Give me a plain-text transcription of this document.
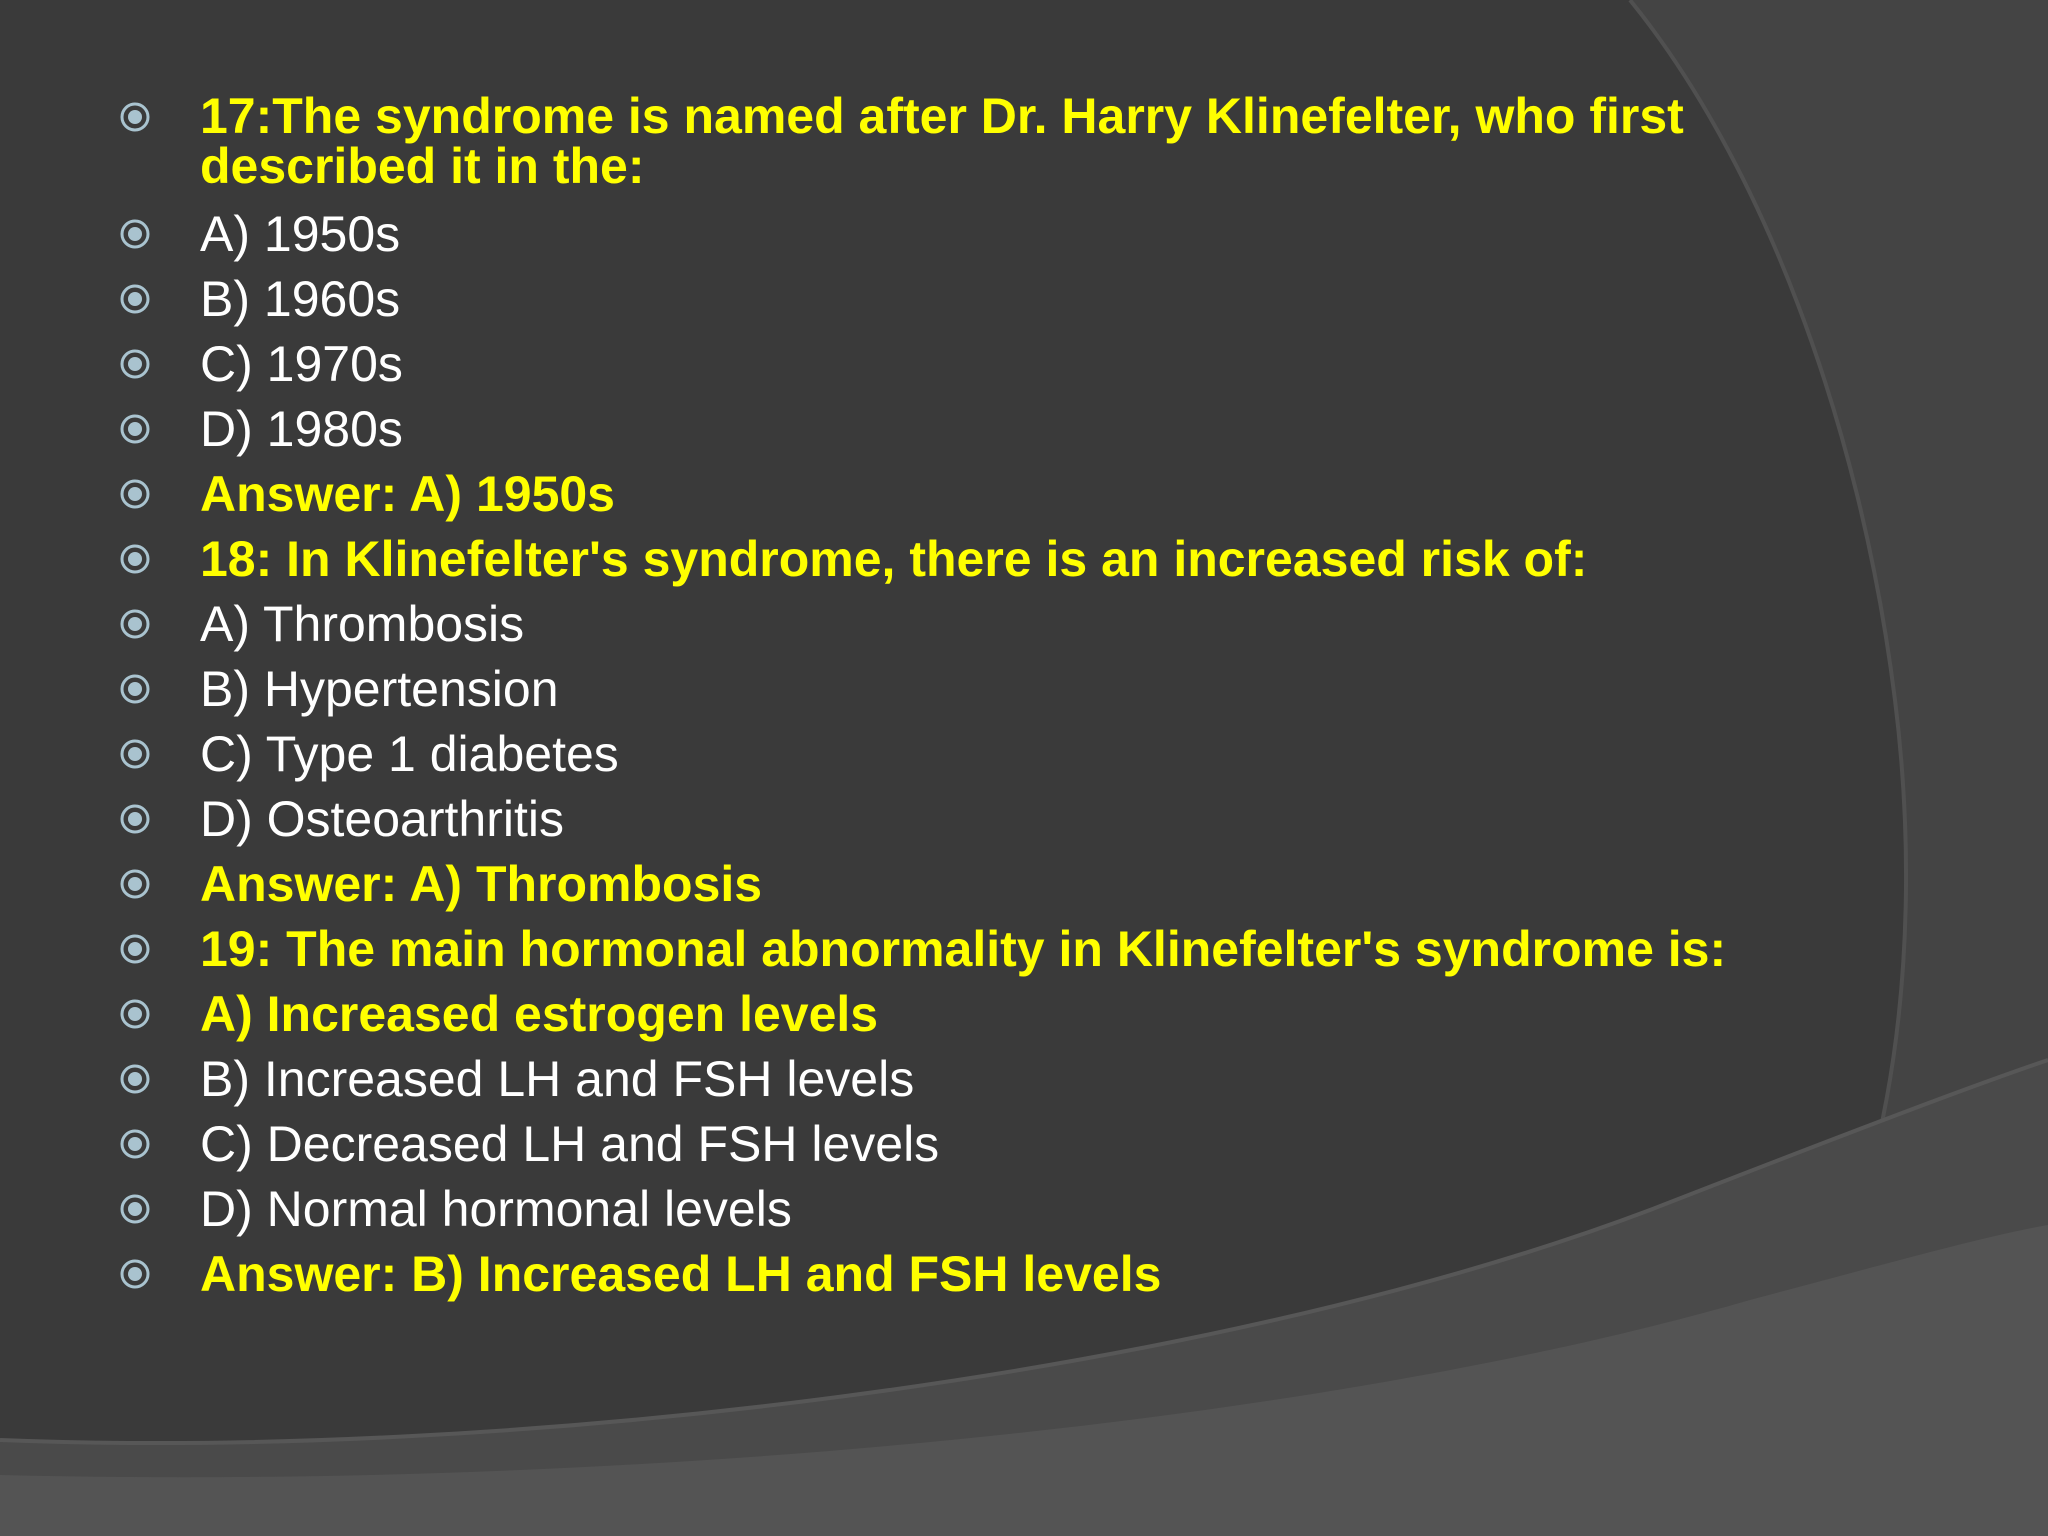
17:The syndrome is named after Dr. Harry Klinefelter, who first described it in the:
A) 1950s
B) 1960s
C) 1970s
D) 1980s
Answer: A) 1950s
18: In Klinefelter's syndrome, there is an increased risk of:
A) Thrombosis
B) Hypertension
C) Type 1 diabetes
D) Osteoarthritis
Answer: A) Thrombosis
19: The main hormonal abnormality in Klinefelter's syndrome is:
A) Increased estrogen levels
B) Increased LH and FSH levels
C) Decreased LH and FSH levels
D) Normal hormonal levels
Answer: B) Increased LH and FSH levels
